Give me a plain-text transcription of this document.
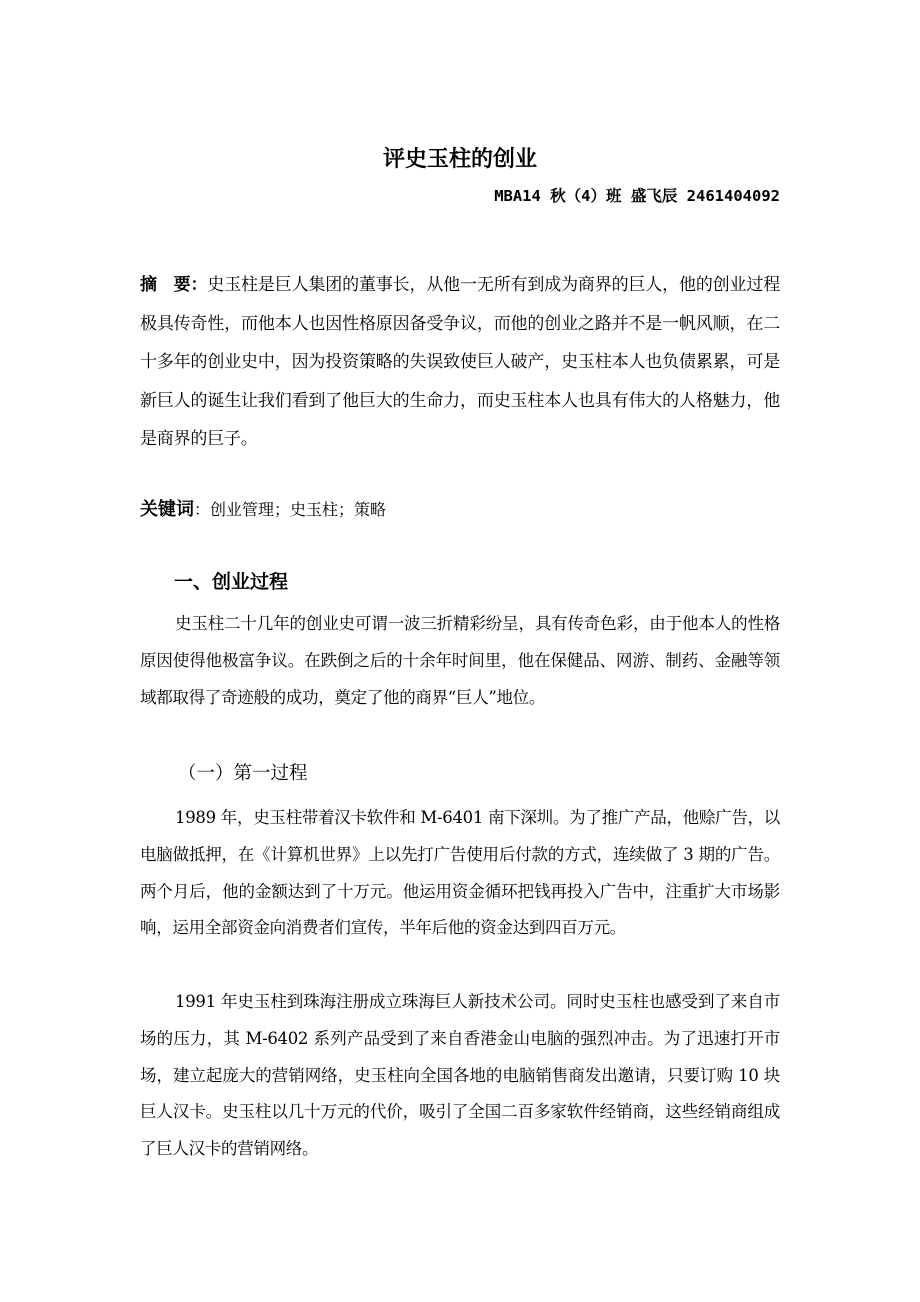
评史玉柱的创业
MBA14 秋（4）班 盛飞辰 2461404092
摘　要：史玉柱是巨人集团的董事长，从他一无所有到成为商界的巨人，他的创业过程极具传奇性，而他本人也因性格原因备受争议，而他的创业之路并不是一帆风顺，在二十多年的创业史中，因为投资策略的失误致使巨人破产，史玉柱本人也负债累累，可是新巨人的诞生让我们看到了他巨大的生命力，而史玉柱本人也具有伟大的人格魅力，他是商界的巨子。
关键词：创业管理；史玉柱；策略
一、创业过程
史玉柱二十几年的创业史可谓一波三折精彩纷呈，具有传奇色彩，由于他本人的性格原因使得他极富争议。在跌倒之后的十余年时间里，他在保健品、网游、制药、金融等领域都取得了奇迹般的成功，奠定了他的商界“巨人”地位。
（一）第一过程
1989 年，史玉柱带着汉卡软件和 M-6401 南下深圳。为了推广产品，他赊广告，以电脑做抵押，在《计算机世界》上以先打广告使用后付款的方式，连续做了 3 期的广告。两个月后，他的金额达到了十万元。他运用资金循环把钱再投入广告中，注重扩大市场影响，运用全部资金向消费者们宣传，半年后他的资金达到四百万元。
1991 年史玉柱到珠海注册成立珠海巨人新技术公司。同时史玉柱也感受到了来自市场的压力，其 M-6402 系列产品受到了来自香港金山电脑的强烈冲击。为了迅速打开市场，建立起庞大的营销网络，史玉柱向全国各地的电脑销售商发出邀请，只要订购 10 块巨人汉卡。史玉柱以几十万元的代价，吸引了全国二百多家软件经销商，这些经销商组成了巨人汉卡的营销网络。
